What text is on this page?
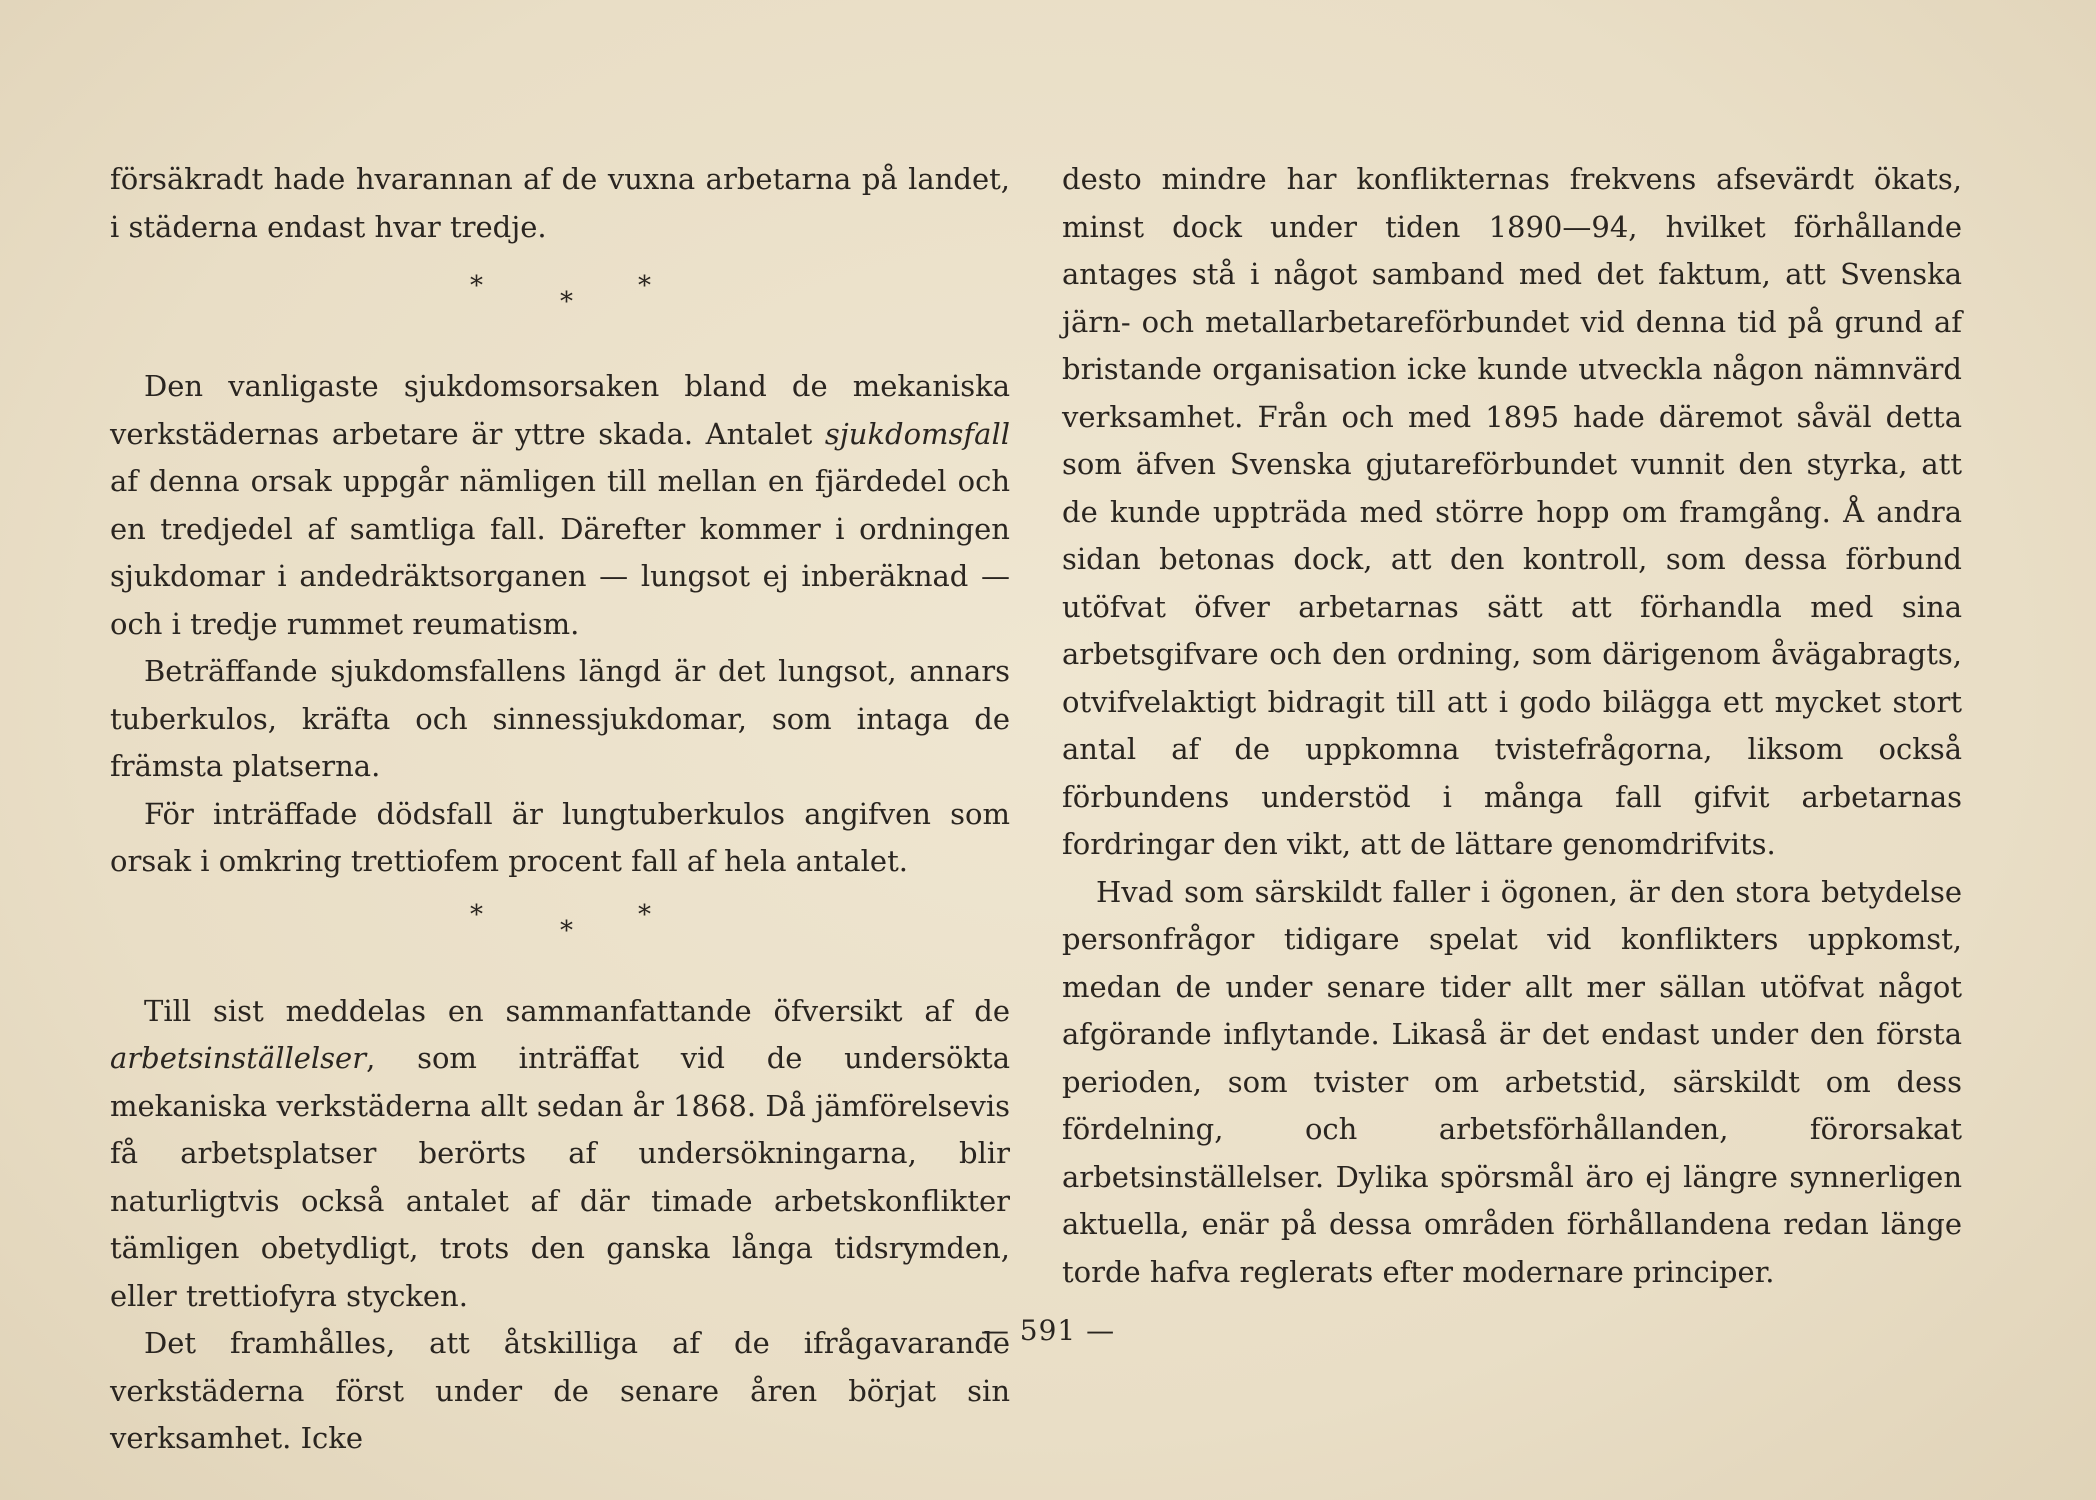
försäkradt hade hvarannan af de vuxna arbetarna på landet, i städerna endast hvar tredje.

*
*
*

Den vanligaste sjukdomsorsaken bland de mekaniska verkstädernas arbetare är yttre skada. Antalet sjukdomsfall af denna orsak uppgår nämligen till mellan en fjärdedel och en tredjedel af samtliga fall. Därefter kommer i ordningen sjukdomar i andedräktsorganen — lungsot ej inberäknad — och i tredje rummet reumatism.

Beträffande sjukdomsfallens längd är det lungsot, annars tuberkulos, kräfta och sinnessjukdomar, som intaga de främsta platserna.

För inträffade dödsfall är lungtuberkulos angifven som orsak i omkring trettiofem procent fall af hela antalet.

*
*
*

Till sist meddelas en sammanfattande öfversikt af de arbetsinställelser, som inträffat vid de undersökta mekaniska verkstäderna allt sedan år 1868. Då jämförelsevis få arbetsplatser berörts af undersökningarna, blir naturligtvis också antalet af där timade arbetskonflikter tämligen obetydligt, trots den ganska långa tidsrymden, eller trettiofyra stycken.

Det framhålles, att åtskilliga af de ifrågavarande verkstäderna först under de senare åren börjat sin verksamhet. Icke

desto mindre har konflikternas frekvens afsevärdt ökats, minst dock under tiden 1890—94, hvilket förhållande antages stå i något samband med det faktum, att Svenska järn- och metallarbetareförbundet vid denna tid på grund af bristande organisation icke kunde utveckla någon nämnvärd verksamhet. Från och med 1895 hade däremot såväl detta som äfven Svenska gjutareförbundet vunnit den styrka, att de kunde uppträda med större hopp om framgång. Å andra sidan betonas dock, att den kontroll, som dessa förbund utöfvat öfver arbetarnas sätt att förhandla med sina arbetsgifvare och den ordning, som därigenom åvägabragts, otvifvelaktigt bidragit till att i godo bilägga ett mycket stort antal af de uppkomna tvistefrågorna, liksom också förbundens understöd i många fall gifvit arbetarnas fordringar den vikt, att de lättare genomdrifvits.

Hvad som särskildt faller i ögonen, är den stora betydelse personfrågor tidigare spelat vid konflikters uppkomst, medan de under senare tider allt mer sällan utöfvat något afgörande inflytande. Likaså är det endast under den första perioden, som tvister om arbetstid, särskildt om dess fördelning, och arbetsförhållanden, förorsakat arbetsinställelser. Dylika spörsmål äro ej längre synnerligen aktuella, enär på dessa områden förhållandena redan länge torde hafva reglerats efter modernare principer.

— 591 —
